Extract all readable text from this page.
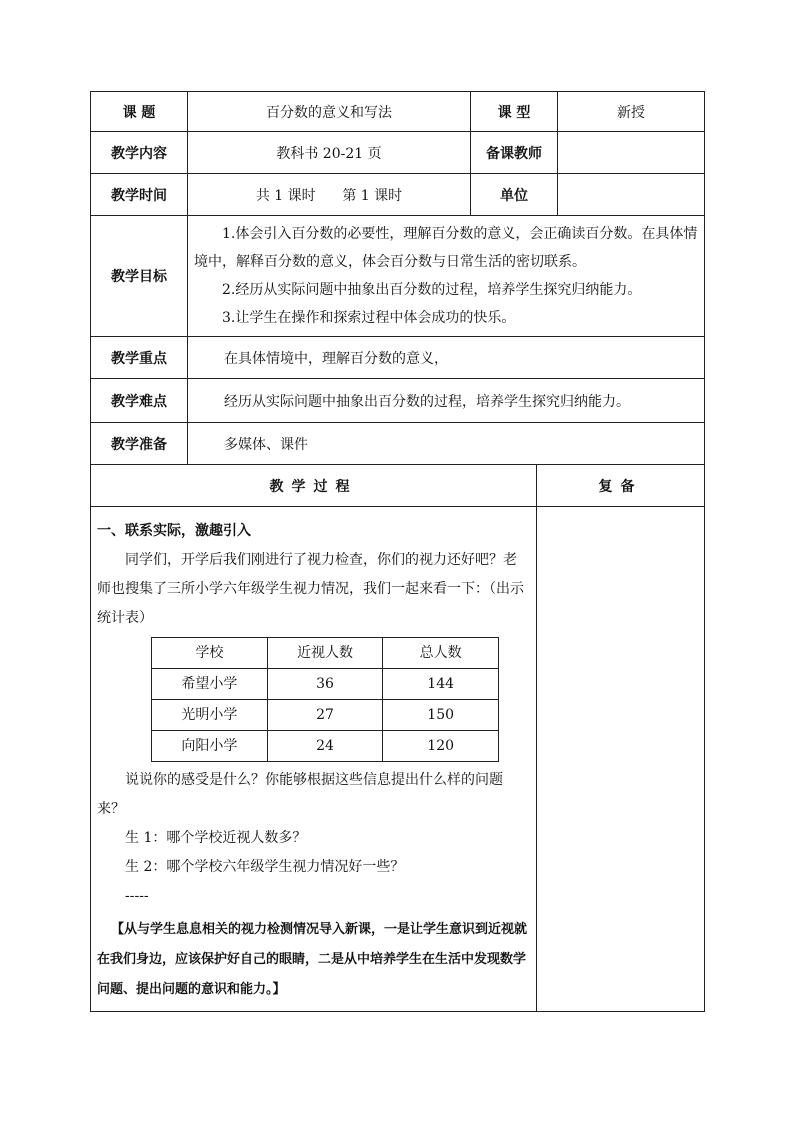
课 题	百分数的意义和写法	课 型	新授
教学内容	教科书 20-21 页	备课教师	
教学时间	共 1 课时      第 1 课时	单位	
教学目标	

1.体会引入百分数的必要性，理解百分数的意义，会正确读百分数。在具体情境中，解释百分数的意义，体会百分数与日常生活的密切联系。

2.经历从实际问题中抽象出百分数的过程，培养学生探究归纳能力。

3.让学生在操作和探索过程中体会成功的快乐。

教学重点	在具体情境中，理解百分数的意义，
教学难点	经历从实际问题中抽象出百分数的过程，培养学生探究归纳能力。
教学准备	多媒体、课件
教学过程	复备

一、联系实际，激趣引入

同学们，开学后我们刚进行了视力检查，你们的视力还好吧？老师也搜集了三所小学六年级学生视力情况，我们一起来看一下：（出示统计表）

学校	近视人数	总人数
希望小学	36	144
光明小学	27	150
向阳小学	24	120

说说你的感受是什么？你能够根据这些信息提出什么样的问题来？

生 1：哪个学校近视人数多？

生 2：哪个学校六年级学生视力情况好一些？

-----

【从与学生息息相关的视力检测情况导入新课，一是让学生意识到近视就在我们身边，应该保护好自己的眼睛，二是从中培养学生在生活中发现数学问题、提出问题的意识和能力。】
